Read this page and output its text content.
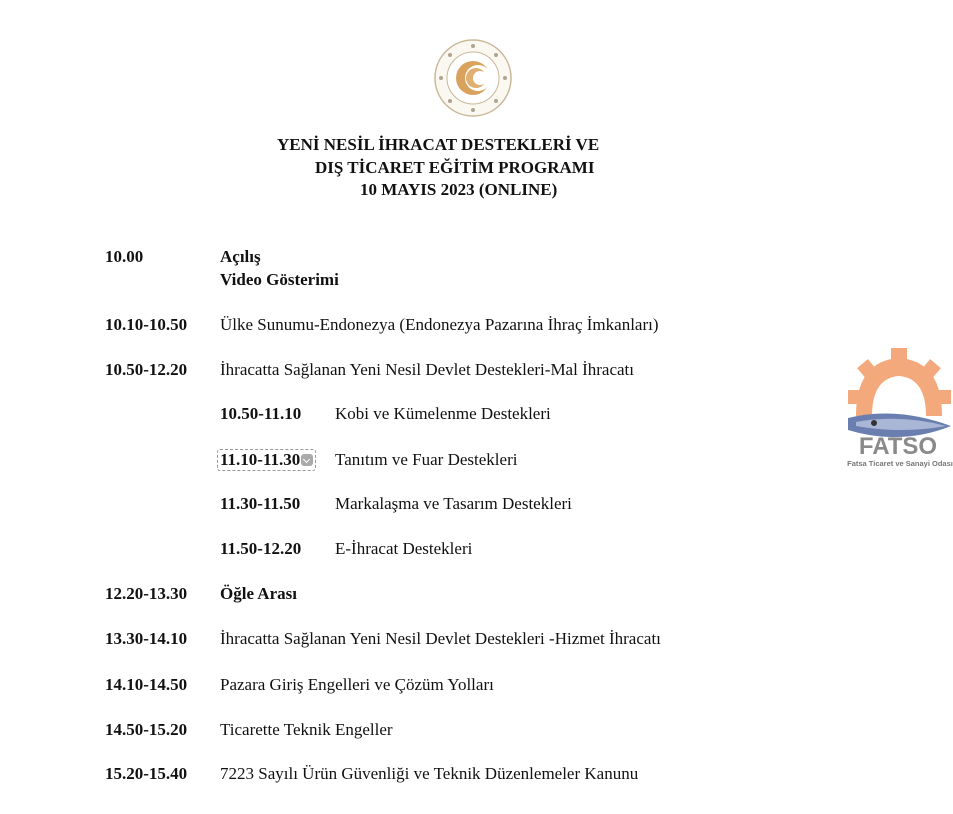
FATSO
Fatsa Ticaret ve Sanayi Odası
YENİ NESİL İHRACAT DESTEKLERİ VE
DIŞ TİCARET EĞİTİM PROGRAMI
10 MAYIS 2023 (ONLINE)
10.00	Açılış
Video Gösterimi
10.10-10.50 Ülke Sunumu-Endonezya (Endonezya Pazarına İhraç İmkanları)
10.50-12.20 İhracatta Sağlanan Yeni Nesil Devlet Destekleri-Mal İhracatı
10.50-11.10 Kobi ve Kümelenme Destekleri
11.10-11.30	Tanıtım ve Fuar Destekleri
11.30-11.50 Markalaşma ve Tasarım Destekleri
11.50-12.20 E-İhracat Destekleri
12.20-13.30 Öğle Arası
13.30-14.10 İhracatta Sağlanan Yeni Nesil Devlet Destekleri -Hizmet İhracatı
14.10-14.50 Pazara Giriş Engelleri ve Çözüm Yolları
14.50-15.20 Ticarette Teknik Engeller
15.20-15.40 7223 Sayılı Ürün Güvenliği ve Teknik Düzenlemeler Kanunu
